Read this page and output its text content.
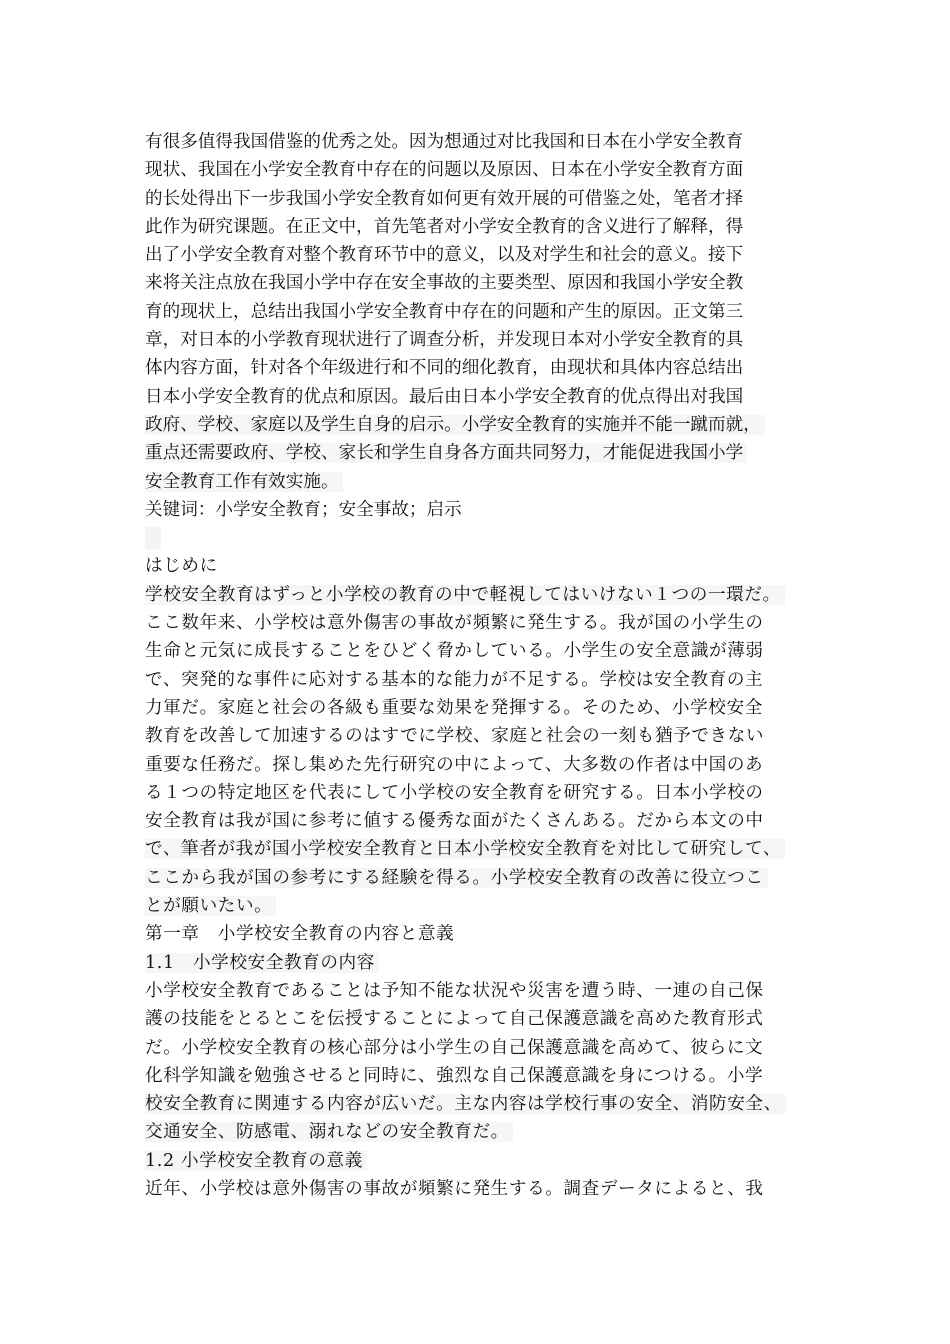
有很多值得我国借鉴的优秀之处。因为想通过对比我国和日本在小学安全教育
现状、我国在小学安全教育中存在的问题以及原因、日本在小学安全教育方面
的长处得出下一步我国小学安全教育如何更有效开展的可借鉴之处，笔者才择
此作为研究课题。在正文中，首先笔者对小学安全教育的含义进行了解释，得
出了小学安全教育对整个教育环节中的意义，以及对学生和社会的意义。接下
来将关注点放在我国小学中存在安全事故的主要类型、原因和我国小学安全教
育的现状上，总结出我国小学安全教育中存在的问题和产生的原因。正文第三
章，对日本的小学教育现状进行了调查分析，并发现日本对小学安全教育的具
体内容方面，针对各个年级进行和不同的细化教育，由现状和具体内容总结出
日本小学安全教育的优点和原因。最后由日本小学安全教育的优点得出对我国
政府、学校、家庭以及学生自身的启示。小学安全教育的实施并不能一蹴而就，
重点还需要政府、学校、家长和学生自身各方面共同努力，才能促进我国小学
安全教育工作有效实施。
关键词：小学安全教育；安全事故；启示
はじめに
学校安全教育はずっと小学校の教育の中で軽視してはいけない１つの一環だ。
ここ数年来、小学校は意外傷害の事故が頻繁に発生する。我が国の小学生の
生命と元気に成長することをひどく脅かしている。小学生の安全意識が薄弱
で、突発的な事件に応対する基本的な能力が不足する。学校は安全教育の主
力軍だ。家庭と社会の各級も重要な効果を発揮する。そのため、小学校安全
教育を改善して加速するのはすでに学校、家庭と社会の一刻も猶予できない
重要な任務だ。探し集めた先行研究の中によって、大多数の作者は中国のあ
る１つの特定地区を代表にして小学校の安全教育を研究する。日本小学校の
安全教育は我が国に参考に値する優秀な面がたくさんある。だから本文の中
で、筆者が我が国小学校安全教育と日本小学校安全教育を対比して研究して、
ここから我が国の参考にする経験を得る。小学校安全教育の改善に役立つこ
とが願いたい。
第一章　小学校安全教育の内容と意義
1.1　小学校安全教育の内容
小学校安全教育であることは予知不能な状況や災害を遭う時、一連の自己保
護の技能をとるとこを伝授することによって自己保護意識を高めた教育形式
だ。小学校安全教育の核心部分は小学生の自己保護意識を高めて、彼らに文
化科学知識を勉強させると同時に、強烈な自己保護意識を身につける。小学
校安全教育に関連する内容が広いだ。主な内容は学校行事の安全、消防安全、
交通安全、防感電、溺れなどの安全教育だ。
1.2 小学校安全教育の意義
近年、小学校は意外傷害の事故が頻繁に発生する。調査データによると、我
